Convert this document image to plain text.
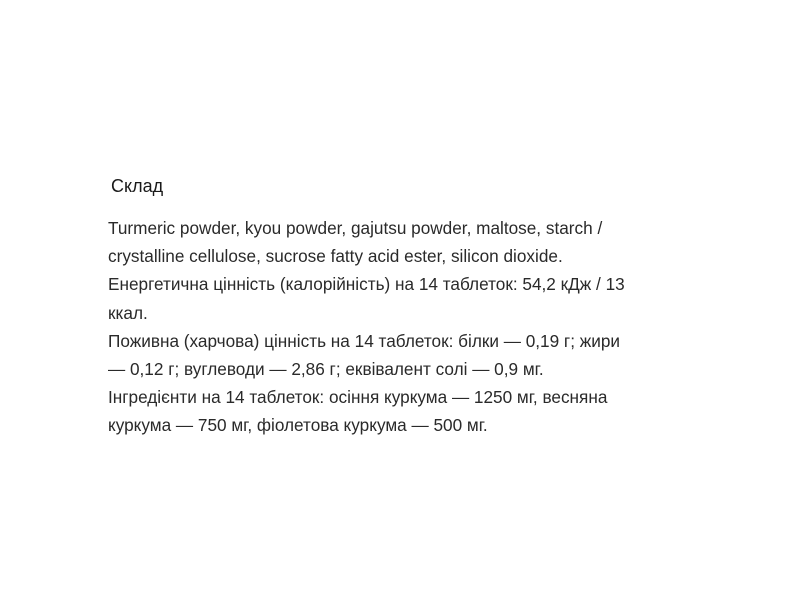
Склад

Turmeric powder, kyou powder, gajutsu powder, maltose, starch /
crystalline cellulose, sucrose fatty acid ester, silicon dioxide.
Енергетична цінність (калорійність) на 14 таблеток: 54,2 кДж / 13
ккал.
Поживна (харчова) цінність на 14 таблеток: білки — 0,19 г; жири
— 0,12 г; вуглеводи — 2,86 г; еквівалент солі — 0,9 мг.
Інгредієнти на 14 таблеток: осіння куркума — 1250 мг, весняна
куркума — 750 мг, фіолетова куркума — 500 мг.
